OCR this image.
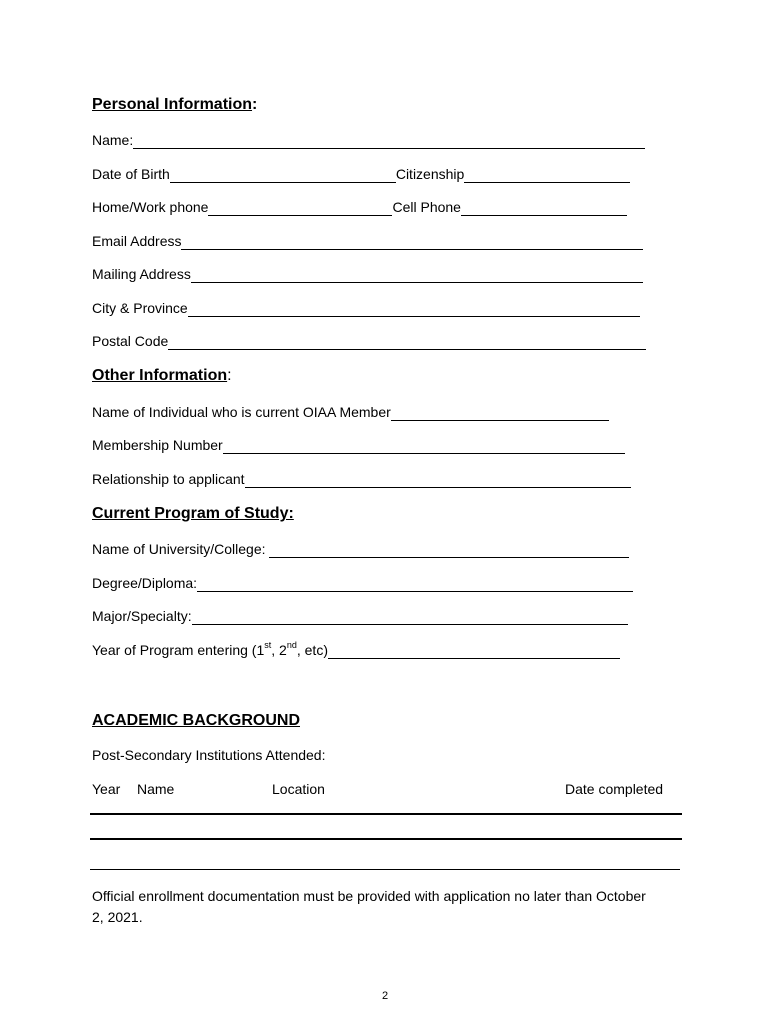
Personal Information:
Name:
Date of Birth	Citizenship
Home/Work phone	Cell Phone
Email Address
Mailing Address
City & Province
Postal Code
Other Information:
Name of Individual who is current OIAA Member
Membership Number
Relationship to applicant
Current Program of Study:
Name of University/College:
Degree/Diploma:
Major/Specialty:
Year of Program entering (1st, 2nd, etc)
ACADEMIC BACKGROUND
Post-Secondary Institutions Attended:
Year Name	Location	Date completed
Official enrollment documentation must be provided with application no later than October 2, 2021.
2
